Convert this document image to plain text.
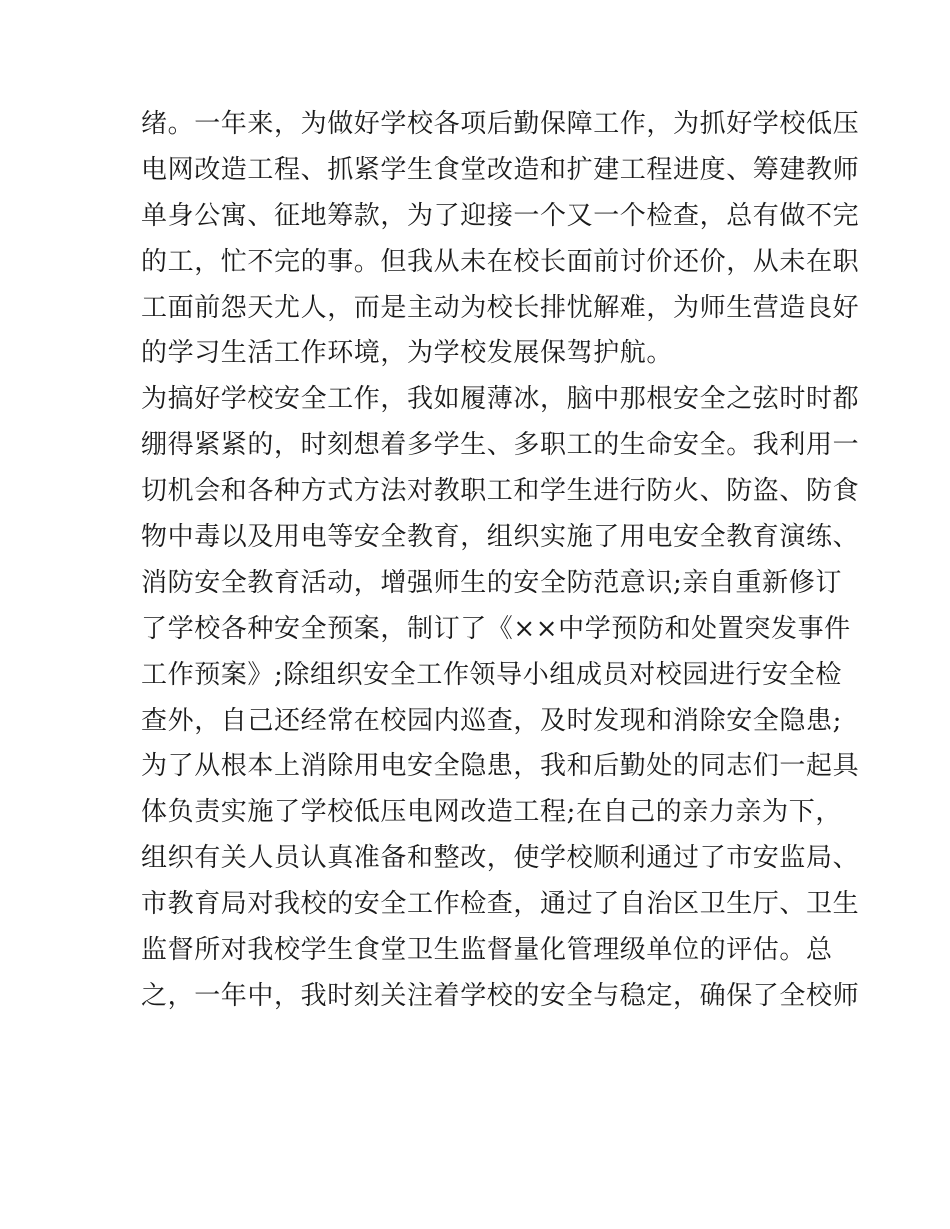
绪。一年来，为做好学校各项后勤保障工作，为抓好学校低压
电网改造工程、抓紧学生食堂改造和扩建工程进度、筹建教师
单身公寓、征地筹款，为了迎接一个又一个检查，总有做不完
的工，忙不完的事。但我从未在校长面前讨价还价，从未在职
工面前怨天尤人，而是主动为校长排忧解难，为师生营造良好
的学习生活工作环境，为学校发展保驾护航。
为搞好学校安全工作，我如履薄冰，脑中那根安全之弦时时都
绷得紧紧的，时刻想着多学生、多职工的生命安全。我利用一
切机会和各种方式方法对教职工和学生进行防火、防盗、防食
物中毒以及用电等安全教育，组织实施了用电安全教育演练、
消防安全教育活动，增强师生的安全防范意识;亲自重新修订
了学校各种安全预案，制订了《××中学预防和处置突发事件
工作预案》;除组织安全工作领导小组成员对校园进行安全检
查外，自己还经常在校园内巡查，及时发现和消除安全隐患;
为了从根本上消除用电安全隐患，我和后勤处的同志们一起具
体负责实施了学校低压电网改造工程;在自己的亲力亲为下，
组织有关人员认真准备和整改，使学校顺利通过了市安监局、
市教育局对我校的安全工作检查，通过了自治区卫生厅、卫生
监督所对我校学生食堂卫生监督量化管理级单位的评估。总
之，一年中，我时刻关注着学校的安全与稳定，确保了全校师
